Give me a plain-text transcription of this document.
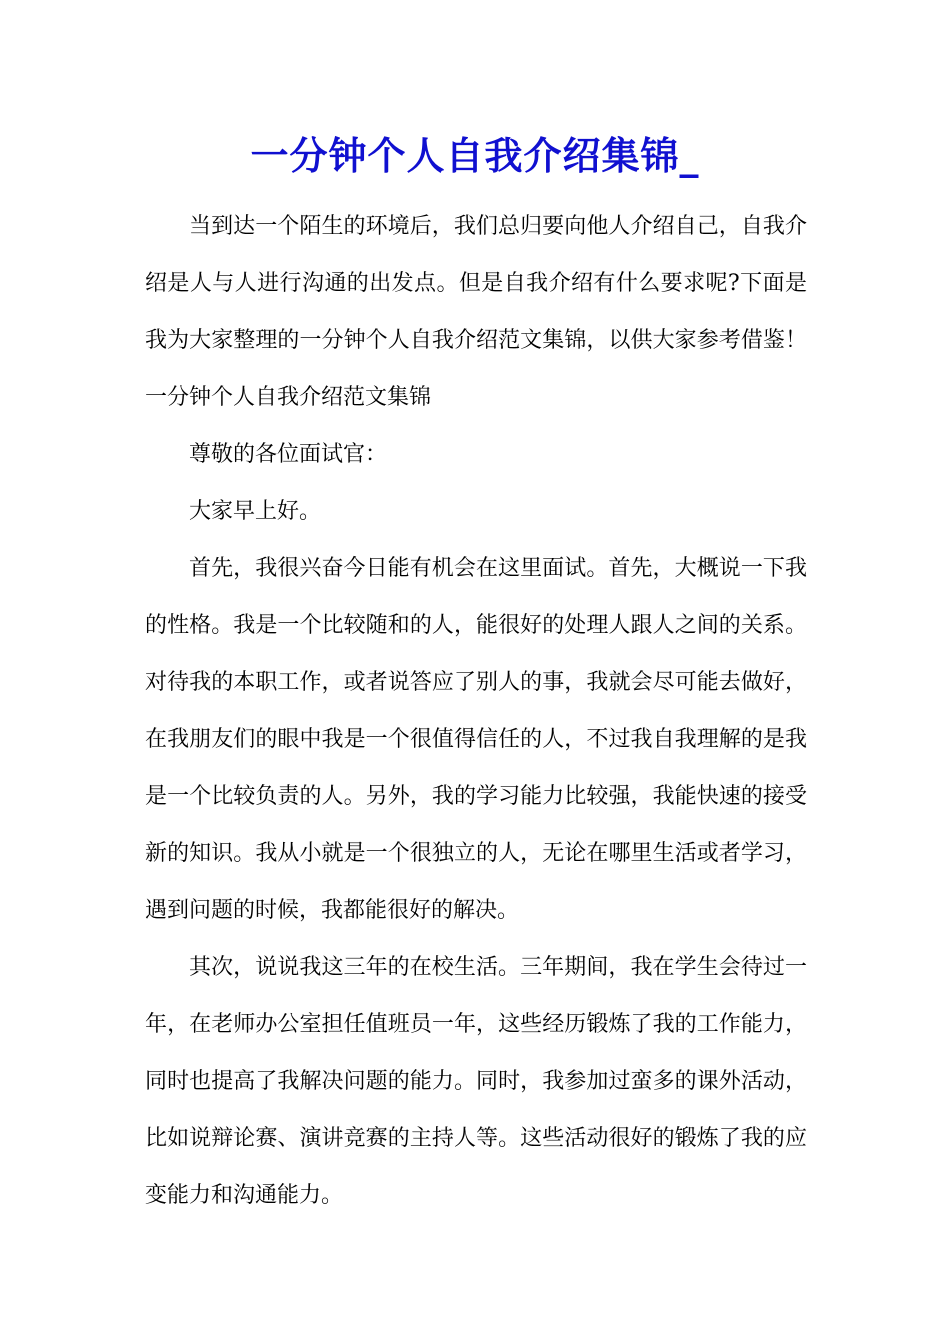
一分钟个人自我介绍集锦_

当到达一个陌生的环境后，我们总归要向他人介绍自己，自我介绍是人与人进行沟通的出发点。但是自我介绍有什么要求呢?下面是我为大家整理的一分钟个人自我介绍范文集锦，以供大家参考借鉴！一分钟个人自我介绍范文集锦

尊敬的各位面试官：

大家早上好。

首先，我很兴奋今日能有机会在这里面试。首先，大概说一下我的性格。我是一个比较随和的人，能很好的处理人跟人之间的关系。对待我的本职工作，或者说答应了别人的事，我就会尽可能去做好，在我朋友们的眼中我是一个很值得信任的人，不过我自我理解的是我是一个比较负责的人。另外，我的学习能力比较强，我能快速的接受新的知识。我从小就是一个很独立的人，无论在哪里生活或者学习，遇到问题的时候，我都能很好的解决。

其次，说说我这三年的在校生活。三年期间，我在学生会待过一年，在老师办公室担任值班员一年，这些经历锻炼了我的工作能力，同时也提高了我解决问题的能力。同时，我参加过蛮多的课外活动，比如说辩论赛、演讲竞赛的主持人等。这些活动很好的锻炼了我的应变能力和沟通能力。
